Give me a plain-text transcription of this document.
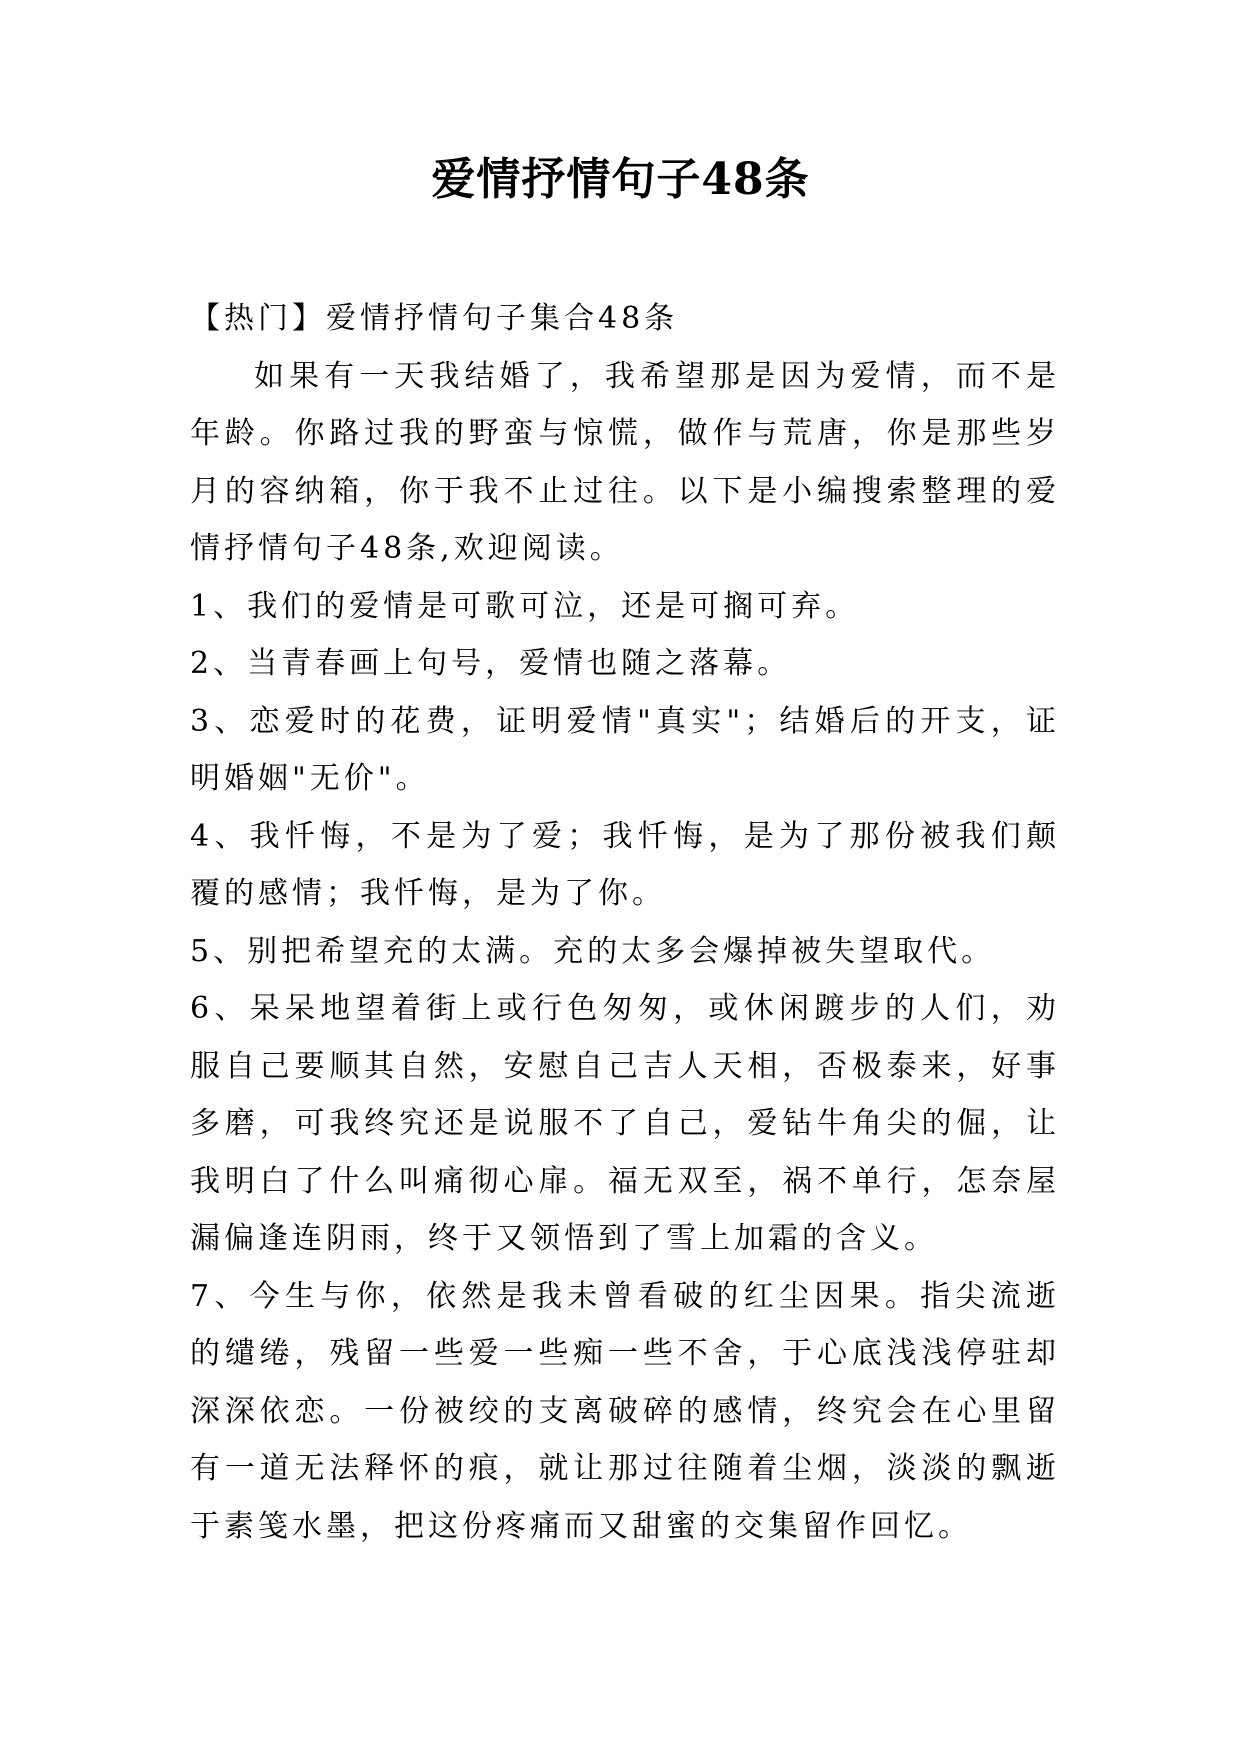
爱情抒情句子48条

【热门】爱情抒情句子集合48条

如果有一天我结婚了，我希望那是因为爱情，而不是年龄。你路过我的野蛮与惊慌，做作与荒唐，你是那些岁月的容纳箱，你于我不止过往。以下是小编搜索整理的爱情抒情句子48条,欢迎阅读。

1、我们的爱情是可歌可泣，还是可搁可弃。

2、当青春画上句号，爱情也随之落幕。

3、恋爱时的花费，证明爱情"真实"；结婚后的开支，证明婚姻"无价"。

4、我忏悔，不是为了爱；我忏悔，是为了那份被我们颠覆的感情；我忏悔，是为了你。

5、别把希望充的太满。充的太多会爆掉被失望取代。

6、呆呆地望着街上或行色匆匆，或休闲踱步的人们，劝服自己要顺其自然，安慰自己吉人天相，否极泰来，好事多磨，可我终究还是说服不了自己，爱钻牛角尖的倔，让我明白了什么叫痛彻心扉。福无双至，祸不单行，怎奈屋漏偏逢连阴雨，终于又领悟到了雪上加霜的含义。

7、今生与你，依然是我未曾看破的红尘因果。指尖流逝的缱绻，残留一些爱一些痴一些不舍，于心底浅浅停驻却深深依恋。一份被绞的支离破碎的感情，终究会在心里留有一道无法释怀的痕，就让那过往随着尘烟，淡淡的飘逝于素笺水墨，把这份疼痛而又甜蜜的交集留作回忆。
